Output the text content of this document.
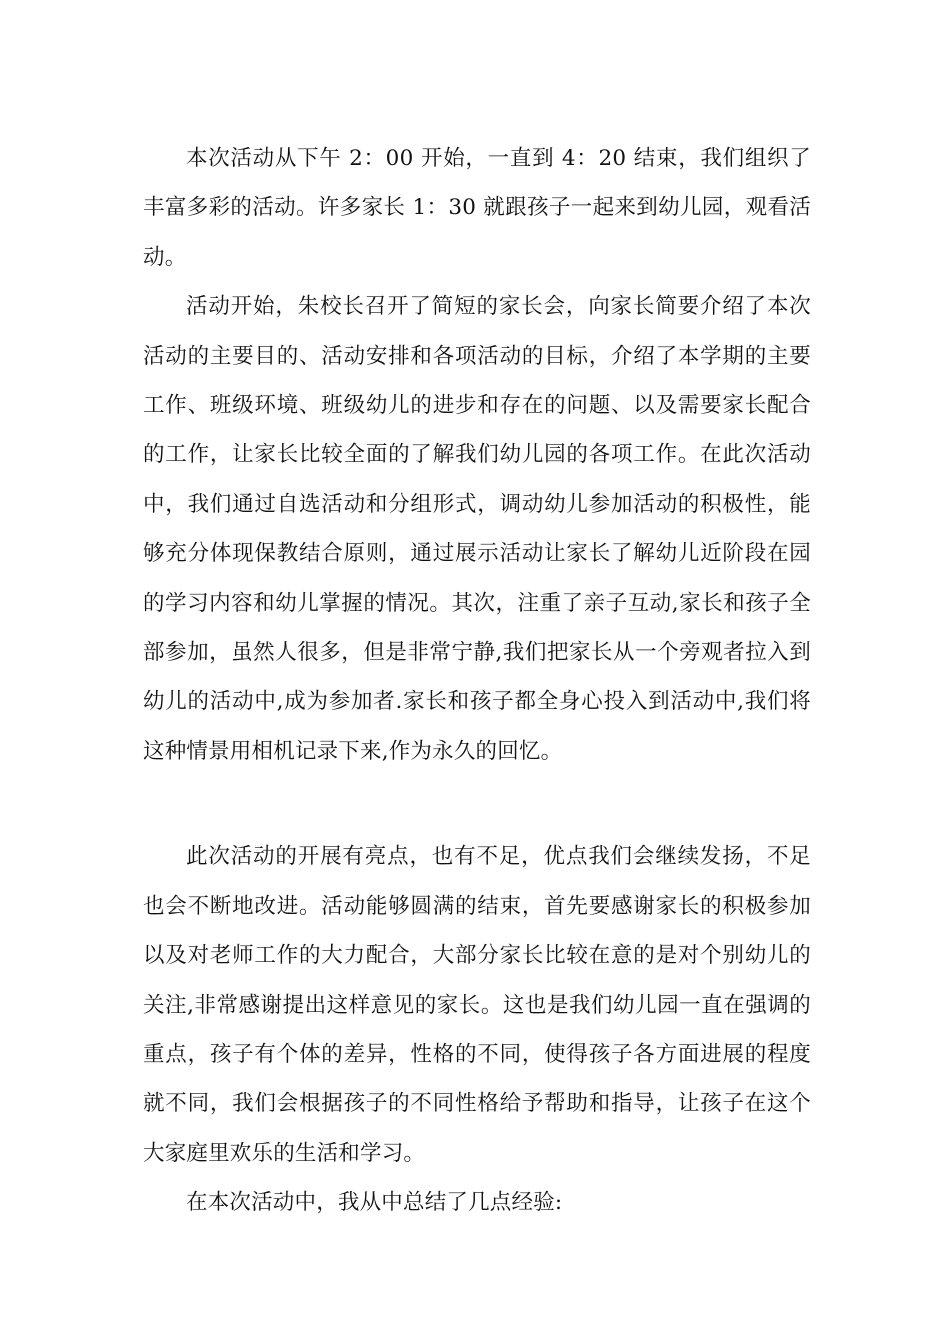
本次活动从下午 2：00 开始，一直到 4：20 结束，我们组织了丰富多彩的活动。许多家长 1：30 就跟孩子一起来到幼儿园，观看活动。

活动开始，朱校长召开了简短的家长会，向家长简要介绍了本次活动的主要目的、活动安排和各项活动的目标，介绍了本学期的主要工作、班级环境、班级幼儿的进步和存在的问题、以及需要家长配合的工作，让家长比较全面的了解我们幼儿园的各项工作。在此次活动中，我们通过自选活动和分组形式，调动幼儿参加活动的积极性，能够充分体现保教结合原则，通过展示活动让家长了解幼儿近阶段在园的学习内容和幼儿掌握的情况。其次，注重了亲子互动,家长和孩子全部参加，虽然人很多，但是非常宁静,我们把家长从一个旁观者拉入到幼儿的活动中,成为参加者.家长和孩子都全身心投入到活动中,我们将这种情景用相机记录下来,作为永久的回忆。

此次活动的开展有亮点，也有不足，优点我们会继续发扬，不足也会不断地改进。活动能够圆满的结束，首先要感谢家长的积极参加以及对老师工作的大力配合，大部分家长比较在意的是对个别幼儿的关注,非常感谢提出这样意见的家长。这也是我们幼儿园一直在强调的重点，孩子有个体的差异，性格的不同，使得孩子各方面进展的程度就不同，我们会根据孩子的不同性格给予帮助和指导，让孩子在这个大家庭里欢乐的生活和学习。

在本次活动中，我从中总结了几点经验:
